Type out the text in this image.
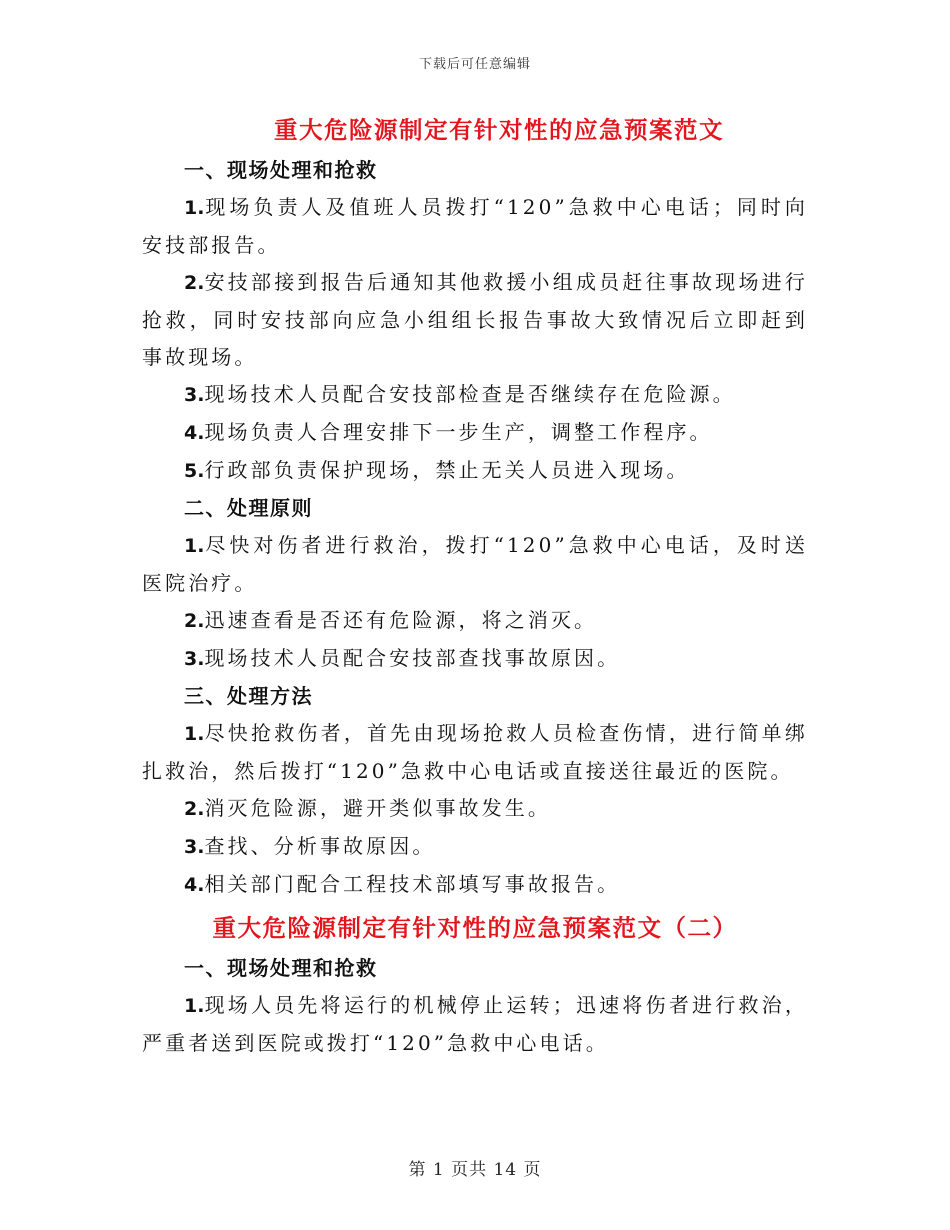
下载后可任意编辑
重大危险源制定有针对性的应急预案范文
一、现场处理和抢救

1.现场负责人及值班人员拨打“120”急救中心电话；同时向安技部报告。

2.安技部接到报告后通知其他救援小组成员赶往事故现场进行抢救，同时安技部向应急小组组长报告事故大致情况后立即赶到事故现场。

3.现场技术人员配合安技部检查是否继续存在危险源。

4.现场负责人合理安排下一步生产，调整工作程序。

5.行政部负责保护现场，禁止无关人员进入现场。

二、处理原则

1.尽快对伤者进行救治，拨打“120”急救中心电话，及时送医院治疗。

2.迅速查看是否还有危险源，将之消灭。

3.现场技术人员配合安技部查找事故原因。

三、处理方法

1.尽快抢救伤者，首先由现场抢救人员检查伤情，进行简单绑扎救治，然后拨打“120”急救中心电话或直接送往最近的医院。

2.消灭危险源，避开类似事故发生。

3.查找、分析事故原因。

4.相关部门配合工程技术部填写事故报告。

重大危险源制定有针对性的应急预案范文（二）
一、现场处理和抢救

1.现场人员先将运行的机械停止运转；迅速将伤者进行救治，严重者送到医院或拨打“120”急救中心电话。

第 1 页共 14 页
